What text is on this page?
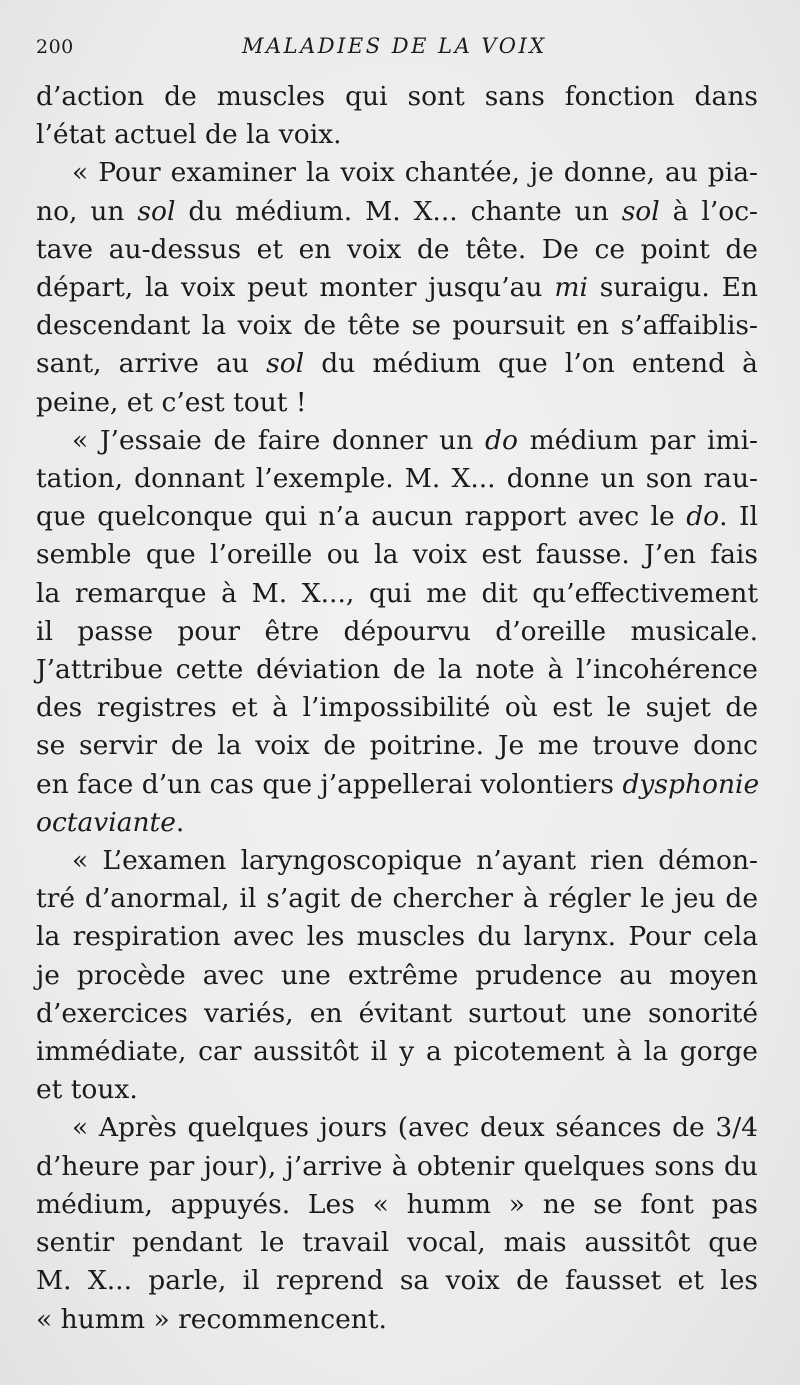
200	MALADIES DE LA VOIX
d’action de muscles qui sont sans fonction dans
l’état actuel de la voix.
« Pour examiner la voix chantée, je donne, au pia-
no, un sol du médium. M. X... chante un sol à l’oc-
tave au-dessus et en voix de tête. De ce point de
départ, la voix peut monter jusqu’au mi suraigu. En
descendant la voix de tête se poursuit en s’affaiblis-
sant, arrive au sol du médium que l’on entend à
peine, et c’est tout !
« J’essaie de faire donner un do médium par imi-
tation, donnant l’exemple. M. X... donne un son rau-
que quelconque qui n’a aucun rapport avec le do. Il
semble que l’oreille ou la voix est fausse. J’en fais
la remarque à M. X..., qui me dit qu’effectivement
il passe pour être dépourvu d’oreille musicale.
J’attribue cette déviation de la note à l’incohérence
des registres et à l’impossibilité où est le sujet de
se servir de la voix de poitrine. Je me trouve donc
en face d’un cas que j’appellerai volontiers dysphonie
octaviante.
« L’examen laryngoscopique n’ayant rien démon-
tré d’anormal, il s’agit de chercher à régler le jeu de
la respiration avec les muscles du larynx. Pour cela
je procède avec une extrême prudence au moyen
d’exercices variés, en évitant surtout une sonorité
immédiate, car aussitôt il y a picotement à la gorge
et toux.
« Après quelques jours (avec deux séances de 3/4
d’heure par jour), j’arrive à obtenir quelques sons du
médium, appuyés. Les « humm » ne se font pas
sentir pendant le travail vocal, mais aussitôt que
M. X... parle, il reprend sa voix de fausset et les
« humm » recommencent.
